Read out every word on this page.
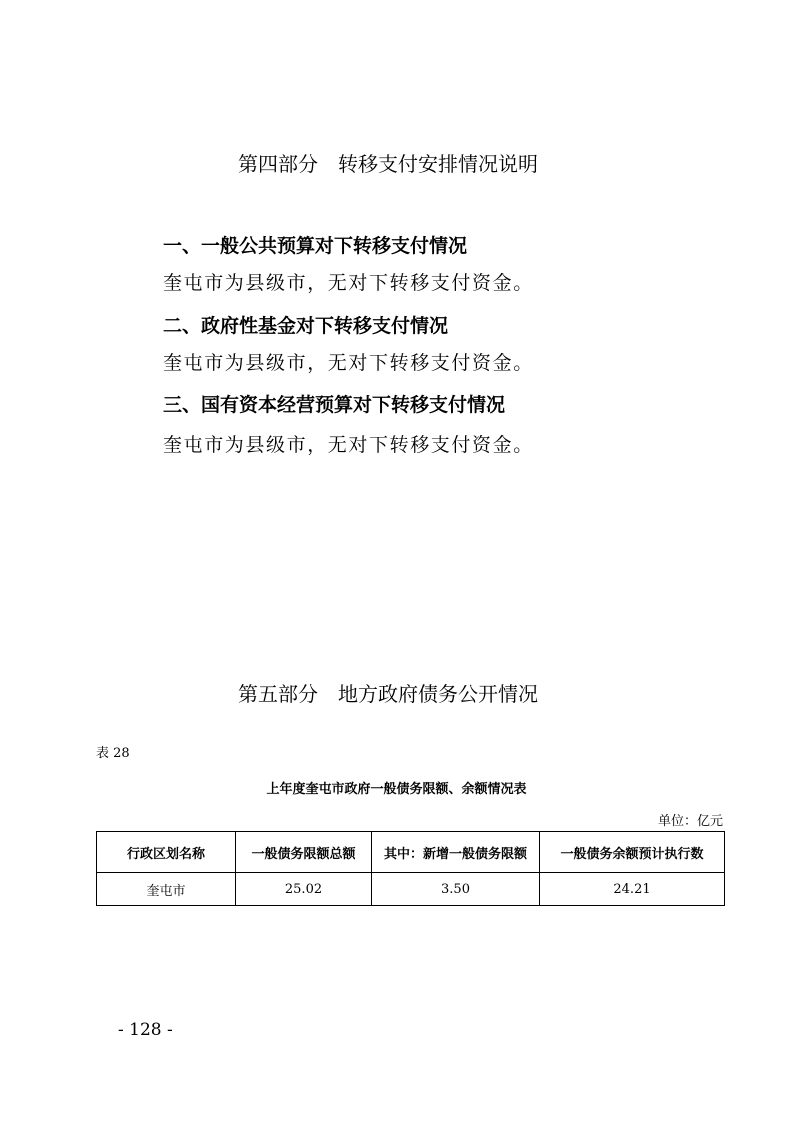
第四部分　转移支付安排情况说明
一、一般公共预算对下转移支付情况
奎屯市为县级市，无对下转移支付资金。
二、政府性基金对下转移支付情况
奎屯市为县级市，无对下转移支付资金。
三、国有资本经营预算对下转移支付情况
奎屯市为县级市，无对下转移支付资金。
第五部分　地方政府债务公开情况
表 28
上年度奎屯市政府一般债务限额、余额情况表
单位：亿元
行政区划名称	一般债务限额总额	其中：新增一般债务限额	一般债务余额预计执行数
奎屯市	25.02	3.50	24.21
- 128 -
